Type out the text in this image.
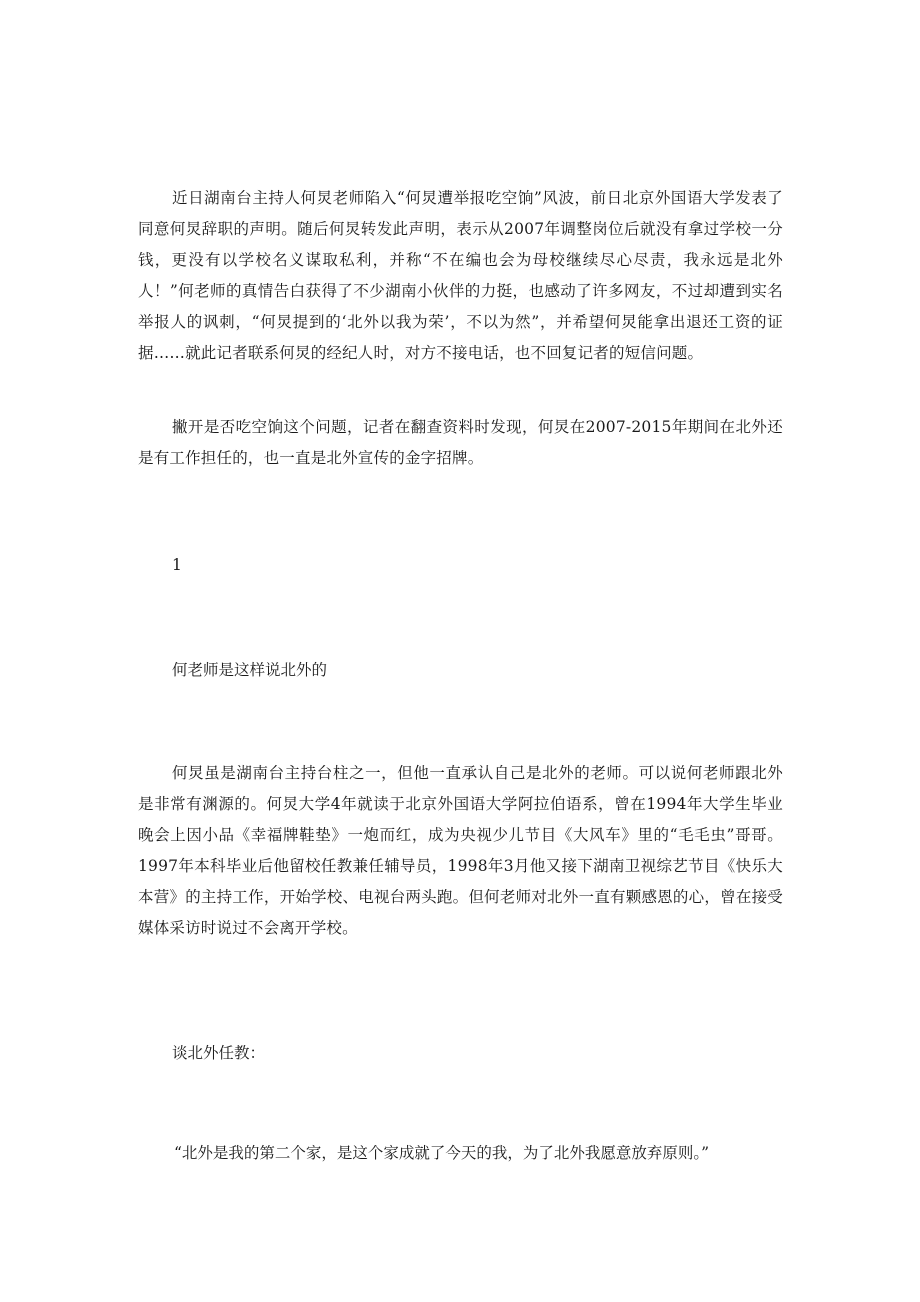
近日湖南台主持人何炅老师陷入“何炅遭举报吃空饷”风波，前日北京外国语大学发表了同意何炅辞职的声明。随后何炅转发此声明，表示从2007年调整岗位后就没有拿过学校一分钱，更没有以学校名义谋取私利，并称“不在编也会为母校继续尽心尽责，我永远是北外人！”何老师的真情告白获得了不少湖南小伙伴的力挺，也感动了许多网友，不过却遭到实名举报人的讽刺，“何炅提到的‘北外以我为荣’，不以为然”，并希望何炅能拿出退还工资的证据……就此记者联系何炅的经纪人时，对方不接电话，也不回复记者的短信问题。

撇开是否吃空饷这个问题，记者在翻查资料时发现，何炅在2007-2015年期间在北外还是有工作担任的，也一直是北外宣传的金字招牌。

1

何老师是这样说北外的

何炅虽是湖南台主持台柱之一，但他一直承认自己是北外的老师。可以说何老师跟北外是非常有渊源的。何炅大学4年就读于北京外国语大学阿拉伯语系，曾在1994年大学生毕业晚会上因小品《幸福牌鞋垫》一炮而红，成为央视少儿节目《大风车》里的“毛毛虫”哥哥。1997年本科毕业后他留校任教兼任辅导员，1998年3月他又接下湖南卫视综艺节目《快乐大本营》的主持工作，开始学校、电视台两头跑。但何老师对北外一直有颗感恩的心，曾在接受媒体采访时说过不会离开学校。

谈北外任教：

“北外是我的第二个家，是这个家成就了今天的我，为了北外我愿意放弃原则。”
